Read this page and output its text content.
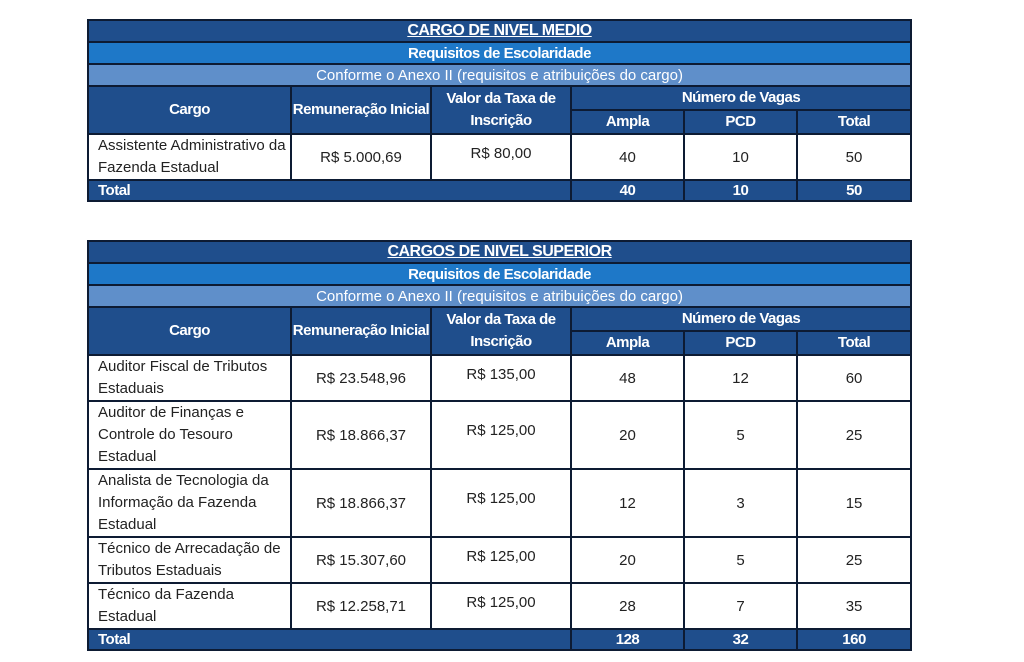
CARGO DE NIVEL MEDIO					
Requisitos de Escolaridade					
Conforme o Anexo II (requisitos e atribuições do cargo)					
Cargo	Remuneração Inicial	Valor da Taxa de Inscrição	Número de Vagas		
			Ampla	PCD	Total
Assistente Administrativo da Fazenda Estadual	R$ 5.000,69	R$ 80,00	40	10	50
Total			40	10	50
CARGOS DE NIVEL SUPERIOR					
Requisitos de Escolaridade					
Conforme o Anexo II (requisitos e atribuições do cargo)					
Cargo	Remuneração Inicial	Valor da Taxa de Inscrição	Número de Vagas		
			Ampla	PCD	Total
Auditor Fiscal de Tributos Estaduais	R$ 23.548,96	R$ 135,00	48	12	60
Auditor de Finanças e Controle do Tesouro Estadual	R$ 18.866,37	R$ 125,00	20	5	25
Analista de Tecnologia da Informação da Fazenda Estadual	R$ 18.866,37	R$ 125,00	12	3	15
Técnico de Arrecadação de Tributos Estaduais	R$ 15.307,60	R$ 125,00	20	5	25
Técnico da Fazenda Estadual	R$ 12.258,71	R$ 125,00	28	7	35
Total			128	32	160
